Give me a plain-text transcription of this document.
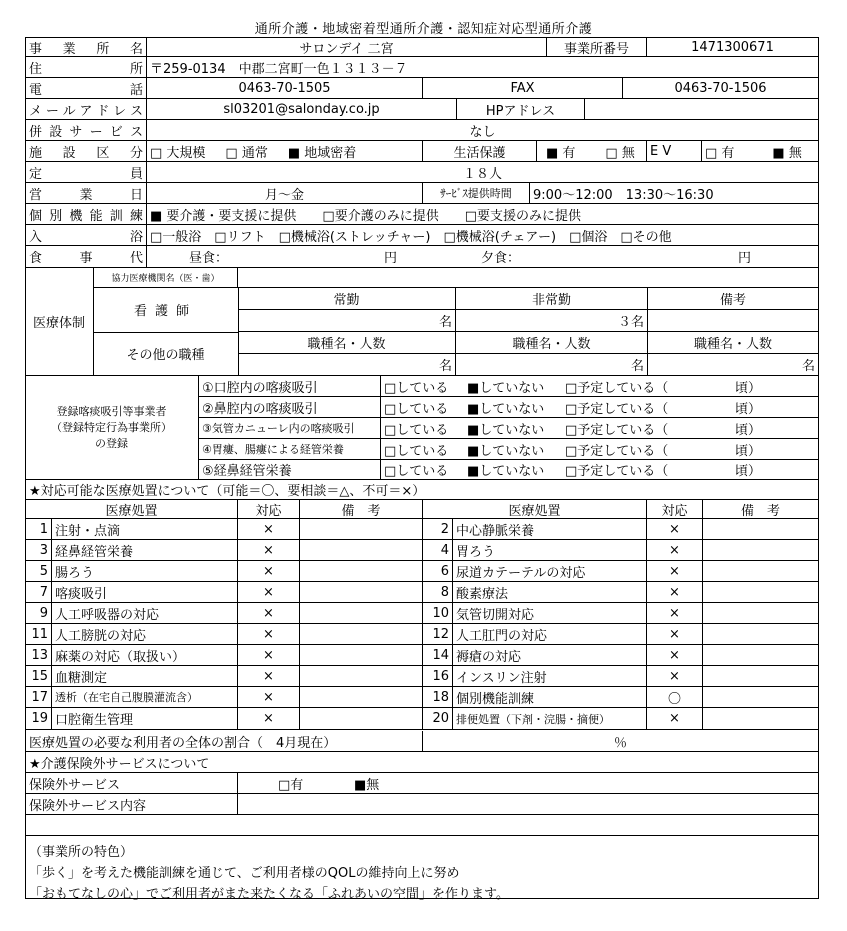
通所介護・地域密着型通所介護・認知症対応型通所介護
事 業 所 名	サロンデイ 二宮	事業所番号	1471300671
住	所 〒259-0134　中郡二宮町一色１３１３－７
電	話	0463-70-1505	FAX	0463-70-1506
メ ー ル ア ド レ ス	sl03201@salonday.co.jp	HPアドレス
併 設 サ ー ビ ス	なし
施 設 区 分 □ 大規模 □ 通常 ■ 地域密着	生活保護	■ 有 □ 無 E V	□ 有	■ 無
定	員	１８人
営	業	日	月～金	ｻｰﾋﾞｽ提供時間	9:00～12:00　13:30～16:30
個 別 機 能 訓 練 ■ 要介護・要支援に提供　　□要介護のみに提供　　□要支援のみに提供
入	浴 □一般浴　□リフト　□機械浴(ストレッチャー)　□機械浴(チェアー)　□個浴　□その他
食	事	代	昼食：	円	夕食：	円
医療体制
協力医療機関名（医・歯）
看護師
常勤	非常勤	備考
名	３名
その他の職種
職種名・人数	職種名・人数	職種名・人数
名	名	名
登録喀痰吸引等事業者
（登録特定行為事業所）
の登録
①口腔内の喀痰吸引	□している ■していない □予定している（	頃）
②鼻腔内の喀痰吸引	□している ■していない □予定している（	頃）
③気管カニューレ内の喀痰吸引	□している ■していない □予定している（	頃）
④胃瘻、腸瘻による経管栄養	□している ■していない □予定している（	頃）
⑤経鼻経管栄養	□している ■していない □予定している（	頃）
★対応可能な医療処置について（可能＝〇、要相談＝△、不可＝×）
医療処置	対応	備　考	医療処置	対応	備　考
1 注射・点滴	×	2 中心静脈栄養	×
3 経鼻経管栄養	×	4 胃ろう	×
5 腸ろう	×	6 尿道カテーテルの対応	×
7 喀痰吸引	×	8 酸素療法	×
9 人工呼吸器の対応	×	10 気管切開対応	×
11 人工膀胱の対応	×	12 人工肛門の対応	×
13 麻薬の対応（取扱い）	×	14 褥瘡の対応	×
15 血糖測定	×	16 インスリン注射	×
17 透析（在宅自己腹膜灌流含）	×	18 個別機能訓練	〇
19 口腔衛生管理	×	20 排便処置（下剤・浣腸・摘便）	×
医療処置の必要な利用者の全体の割合（　4月現在）	％
★介護保険外サービスについて
保険外サービス	□有	■無
保険外サービス内容
（事業所の特色）
「歩く」を考えた機能訓練を通じて、ご利用者様のQOLの維持向上に努め
「おもてなしの心」でご利用者がまた来たくなる「ふれあいの空間」を作ります。
